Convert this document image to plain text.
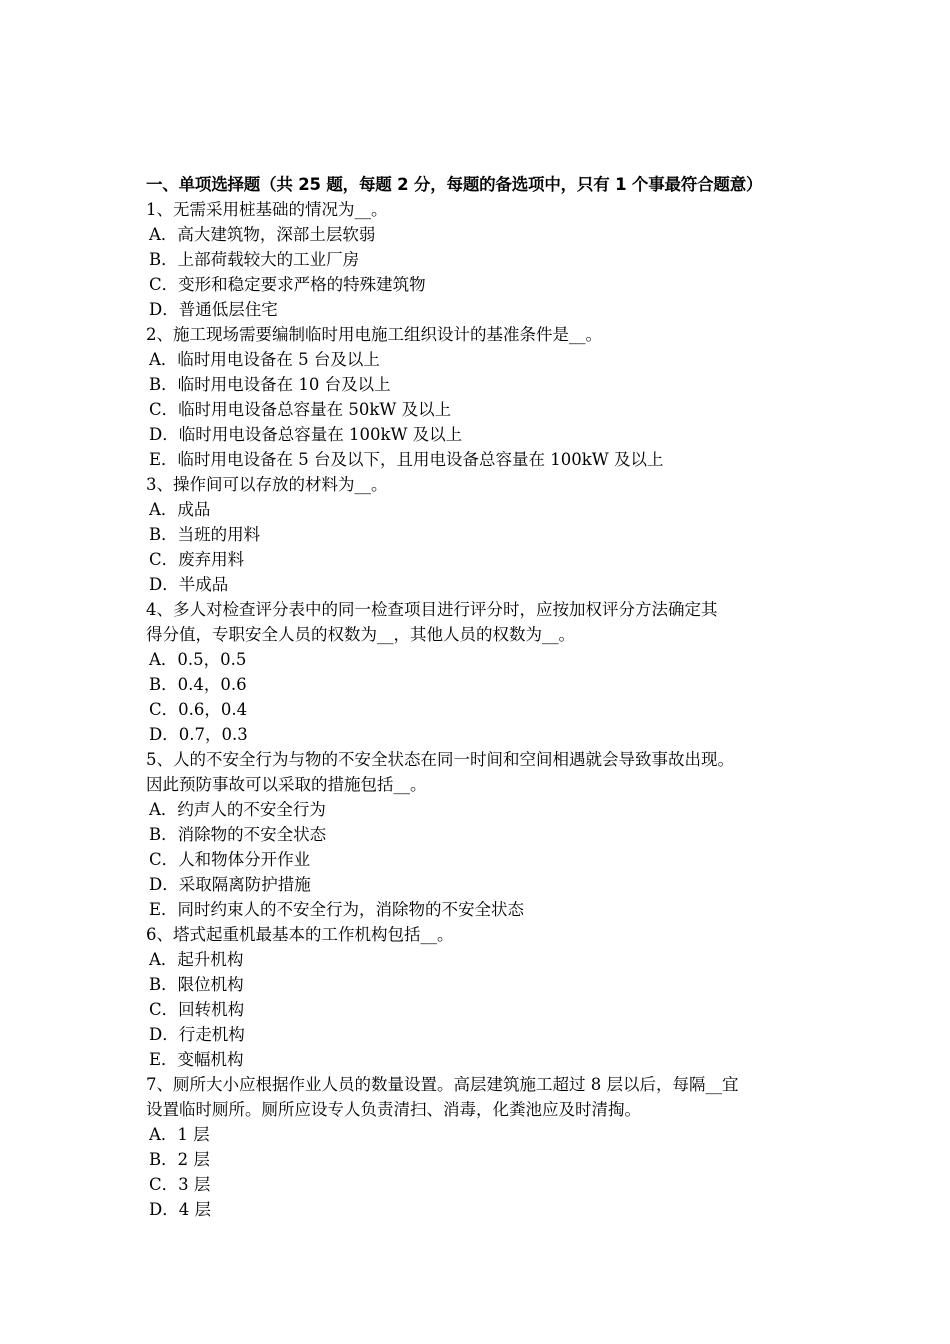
一、单项选择题（共 25 题，每题 2 分，每题的备选项中，只有 1 个事最符合题意）
1、无需采用桩基础的情况为__。
A．高大建筑物，深部土层软弱
B．上部荷载较大的工业厂房
C．变形和稳定要求严格的特殊建筑物
D．普通低层住宅
2、施工现场需要编制临时用电施工组织设计的基准条件是__。
A．临时用电设备在 5 台及以上
B．临时用电设备在 10 台及以上
C．临时用电设备总容量在 50kW 及以上
D．临时用电设备总容量在 100kW 及以上
E．临时用电设备在 5 台及以下，且用电设备总容量在 100kW 及以上
3、操作间可以存放的材料为__。
A．成品
B．当班的用料
C．废弃用料
D．半成品
4、多人对检查评分表中的同一检查项目进行评分时，应按加权评分方法确定其
得分值，专职安全人员的权数为__，其他人员的权数为__。
A．0.5，0.5
B．0.4，0.6
C．0.6，0.4
D．0.7，0.3
5、人的不安全行为与物的不安全状态在同一时间和空间相遇就会导致事故出现。
因此预防事故可以采取的措施包括__。
A．约声人的不安全行为
B．消除物的不安全状态
C．人和物体分开作业
D．采取隔离防护措施
E．同时约束人的不安全行为，消除物的不安全状态
6、塔式起重机最基本的工作机构包括__。
A．起升机构
B．限位机构
C．回转机构
D．行走机构
E．变幅机构
7、厕所大小应根据作业人员的数量设置。高层建筑施工超过 8 层以后，每隔__宜
设置临时厕所。厕所应设专人负责清扫、消毒，化粪池应及时清掏。
A．1 层
B．2 层
C．3 层
D．4 层
